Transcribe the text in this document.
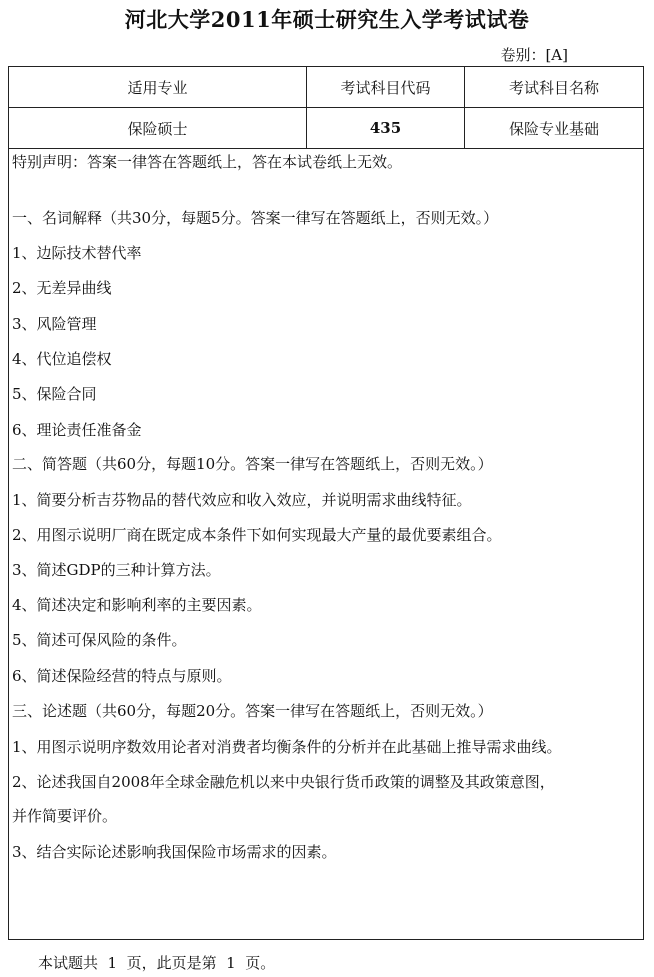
河北大学2011年硕士研究生入学考试试卷
卷别：[A]
适用专业	考试科目代码	考试科目名称
保险硕士	435	保险专业基础
特别声明：答案一律答在答题纸上，答在本试卷纸上无效。
一、名词解释（共30分，每题5分。答案一律写在答题纸上，否则无效。）
1、边际技术替代率
2、无差异曲线
3、风险管理
4、代位追偿权
5、保险合同
6、理论责任准备金
二、简答题（共60分，每题10分。答案一律写在答题纸上，否则无效。）
1、简要分析吉芬物品的替代效应和收入效应，并说明需求曲线特征。
2、用图示说明厂商在既定成本条件下如何实现最大产量的最优要素组合。
3、简述GDP的三种计算方法。
4、简述决定和影响利率的主要因素。
5、简述可保风险的条件。
6、简述保险经营的特点与原则。
三、论述题（共60分，每题20分。答案一律写在答题纸上，否则无效。）
1、用图示说明序数效用论者对消费者均衡条件的分析并在此基础上推导需求曲线。
2、论述我国自2008年全球金融危机以来中央银行货币政策的调整及其政策意图，
并作简要评价。
3、结合实际论述影响我国保险市场需求的因素。
本试题共  1  页，此页是第  1  页。
